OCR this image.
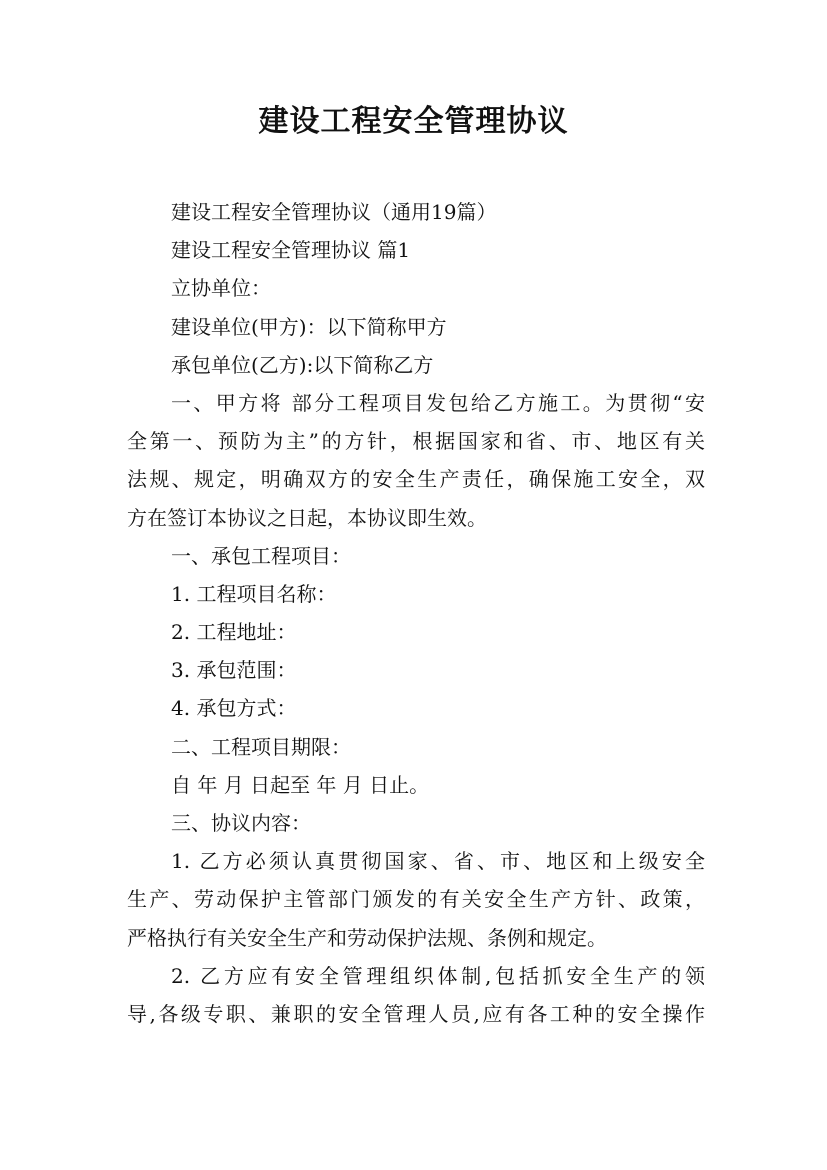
建设工程安全管理协议
建设工程安全管理协议（通用19篇）
建设工程安全管理协议 篇1
立协单位：
建设单位(甲方)：以下简称甲方
承包单位(乙方):以下简称乙方
一、甲方将 部分工程项目发包给乙方施工。为贯彻“安
全第一、预防为主”的方针，根据国家和省、市、地区有关
法规、规定，明确双方的安全生产责任，确保施工安全，双
方在签订本协议之日起，本协议即生效。
一、承包工程项目：
1. 工程项目名称：
2. 工程地址：
3. 承包范围：
4. 承包方式：
二、工程项目期限：
自 年 月 日起至 年 月 日止。
三、协议内容：
1. 乙方必须认真贯彻国家、省、市、地区和上级安全
生产、劳动保护主管部门颁发的有关安全生产方针、政策，
严格执行有关安全生产和劳动保护法规、条例和规定。
2. 乙方应有安全管理组织体制,包括抓安全生产的领
导,各级专职、兼职的安全管理人员,应有各工种的安全操作
